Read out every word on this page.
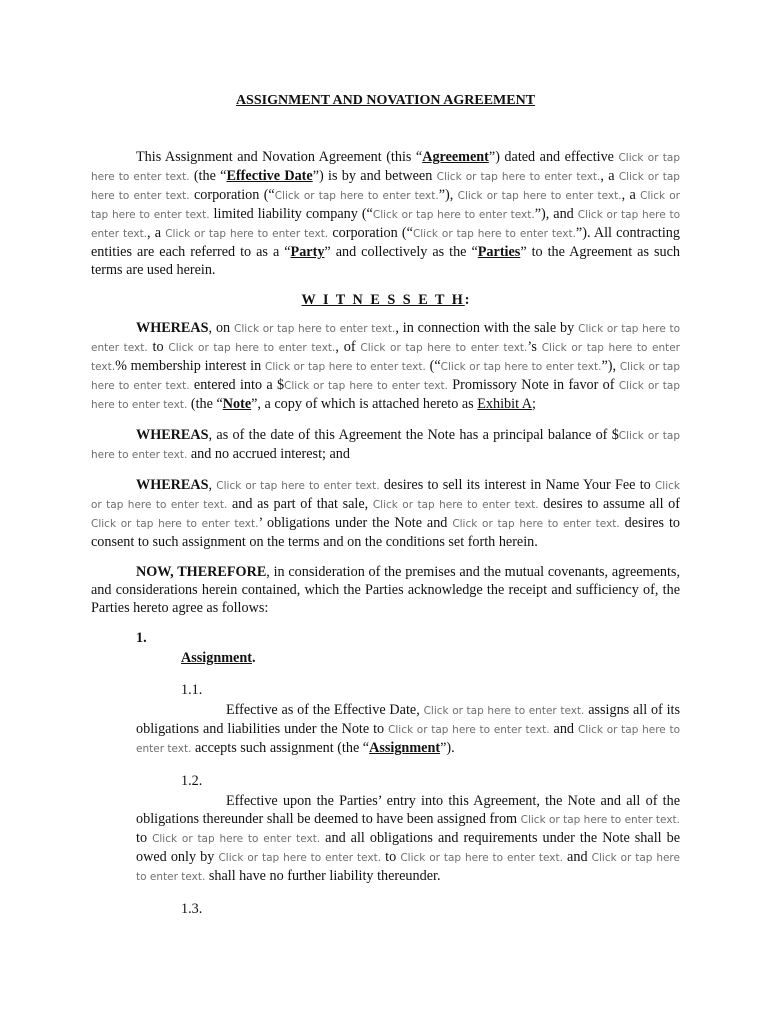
ASSIGNMENT AND NOVATION AGREEMENT

This Assignment and Novation Agreement (this “Agreement”) dated and effective Click or tap here to enter text. (the “Effective Date”) is by and between Click or tap here to enter text., a Click or tap here to enter text. corporation (“Click or tap here to enter text.”), Click or tap here to enter text., a Click or tap here to enter text. limited liability company (“Click or tap here to enter text.”), and Click or tap here to enter text., a Click or tap here to enter text. corporation (“Click or tap here to enter text.”). All contracting entities are each referred to as a “Party” and collectively as the “Parties” to the Agreement as such terms are used herein.

W I T N E S S E T H:

WHEREAS, on Click or tap here to enter text., in connection with the sale by Click or tap here to enter text. to Click or tap here to enter text., of Click or tap here to enter text.’s Click or tap here to enter text.% membership interest in Click or tap here to enter text. (“Click or tap here to enter text.”), Click or tap here to enter text. entered into a $Click or tap here to enter text. Promissory Note in favor of Click or tap here to enter text. (the “Note”, a copy of which is attached hereto as Exhibit A;

WHEREAS, as of the date of this Agreement the Note has a principal balance of $Click or tap here to enter text. and no accrued interest; and

WHEREAS, Click or tap here to enter text. desires to sell its interest in Name Your Fee to Click or tap here to enter text. and as part of that sale, Click or tap here to enter text. desires to assume all of Click or tap here to enter text.’ obligations under the Note and Click or tap here to enter text. desires to consent to such assignment on the terms and on the conditions set forth herein.

NOW, THEREFORE, in consideration of the premises and the mutual covenants, agreements, and considerations herein contained, which the Parties acknowledge the receipt and sufficiency of, the Parties hereto agree as follows:

1.
Assignment.
1.1.
Effective as of the Effective Date, Click or tap here to enter text. assigns all of its obligations and liabilities under the Note to Click or tap here to enter text. and Click or tap here to enter text. accepts such assignment (the “Assignment”).
1.2.
Effective upon the Parties’ entry into this Agreement, the Note and all of the obligations thereunder shall be deemed to have been assigned from Click or tap here to enter text. to Click or tap here to enter text. and all obligations and requirements under the Note shall be owed only by Click or tap here to enter text. to Click or tap here to enter text. and Click or tap here to enter text. shall have no further liability thereunder.
1.3.
